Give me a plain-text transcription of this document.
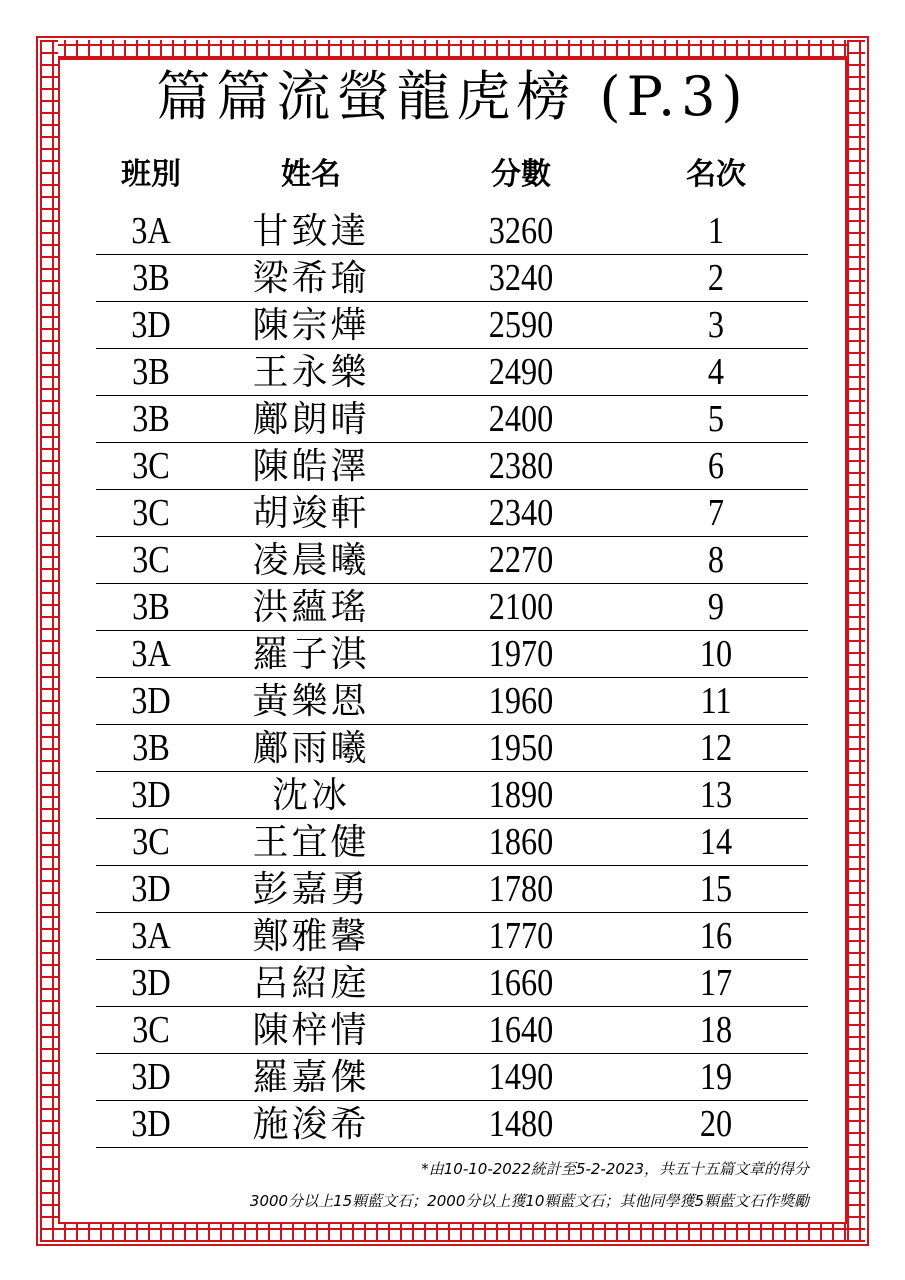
篇篇流螢龍虎榜 (P.3)
班別	姓名	分數	名次
3A	甘致達	3260	1
3B	梁希瑜	3240	2
3D	陳宗燁	2590	3
3B	王永樂	2490	4
3B	鄺朗晴	2400	5
3C	陳皓澤	2380	6
3C	胡竣軒	2340	7
3C	凌晨曦	2270	8
3B	洪蘊瑤	2100	9
3A	羅子淇	1970	10
3D	黃樂恩	1960	11
3B	鄺雨曦	1950	12
3D	沈冰	1890	13
3C	王宜健	1860	14
3D	彭嘉勇	1780	15
3A	鄭雅馨	1770	16
3D	呂紹庭	1660	17
3C	陳梓情	1640	18
3D	羅嘉傑	1490	19
3D	施浚希	1480	20
*由10-10-2022統計至5-2-2023，共五十五篇文章的得分
3000分以上15顆藍文石；2000分以上獲10顆藍文石；其他同學獲5顆藍文石作獎勵
